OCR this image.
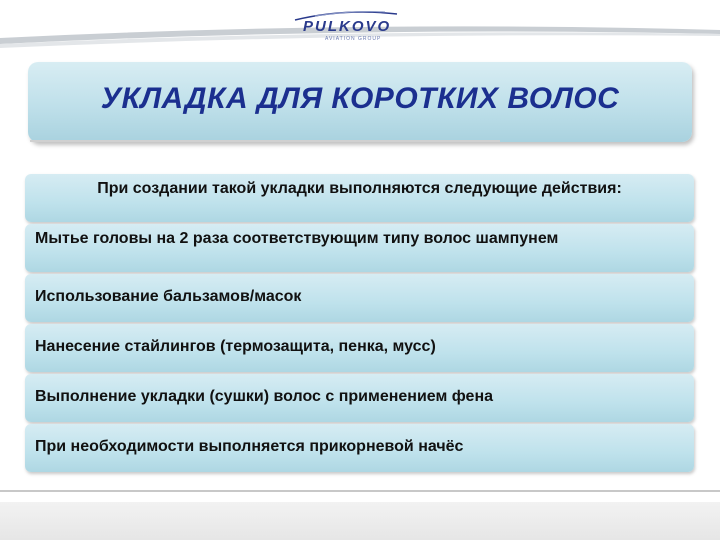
PULKOVO
AVIATION GROUP
УКЛАДКА ДЛЯ КОРОТКИХ ВОЛОС
При создании такой укладки выполняются следующие действия:
Мытье головы на 2 раза соответствующим типу волос шампунем
Использование бальзамов/масок
Нанесение стайлингов (термозащита, пенка, мусс)
Выполнение укладки (сушки) волос с применением фена
При необходимости выполняется прикорневой начёс
